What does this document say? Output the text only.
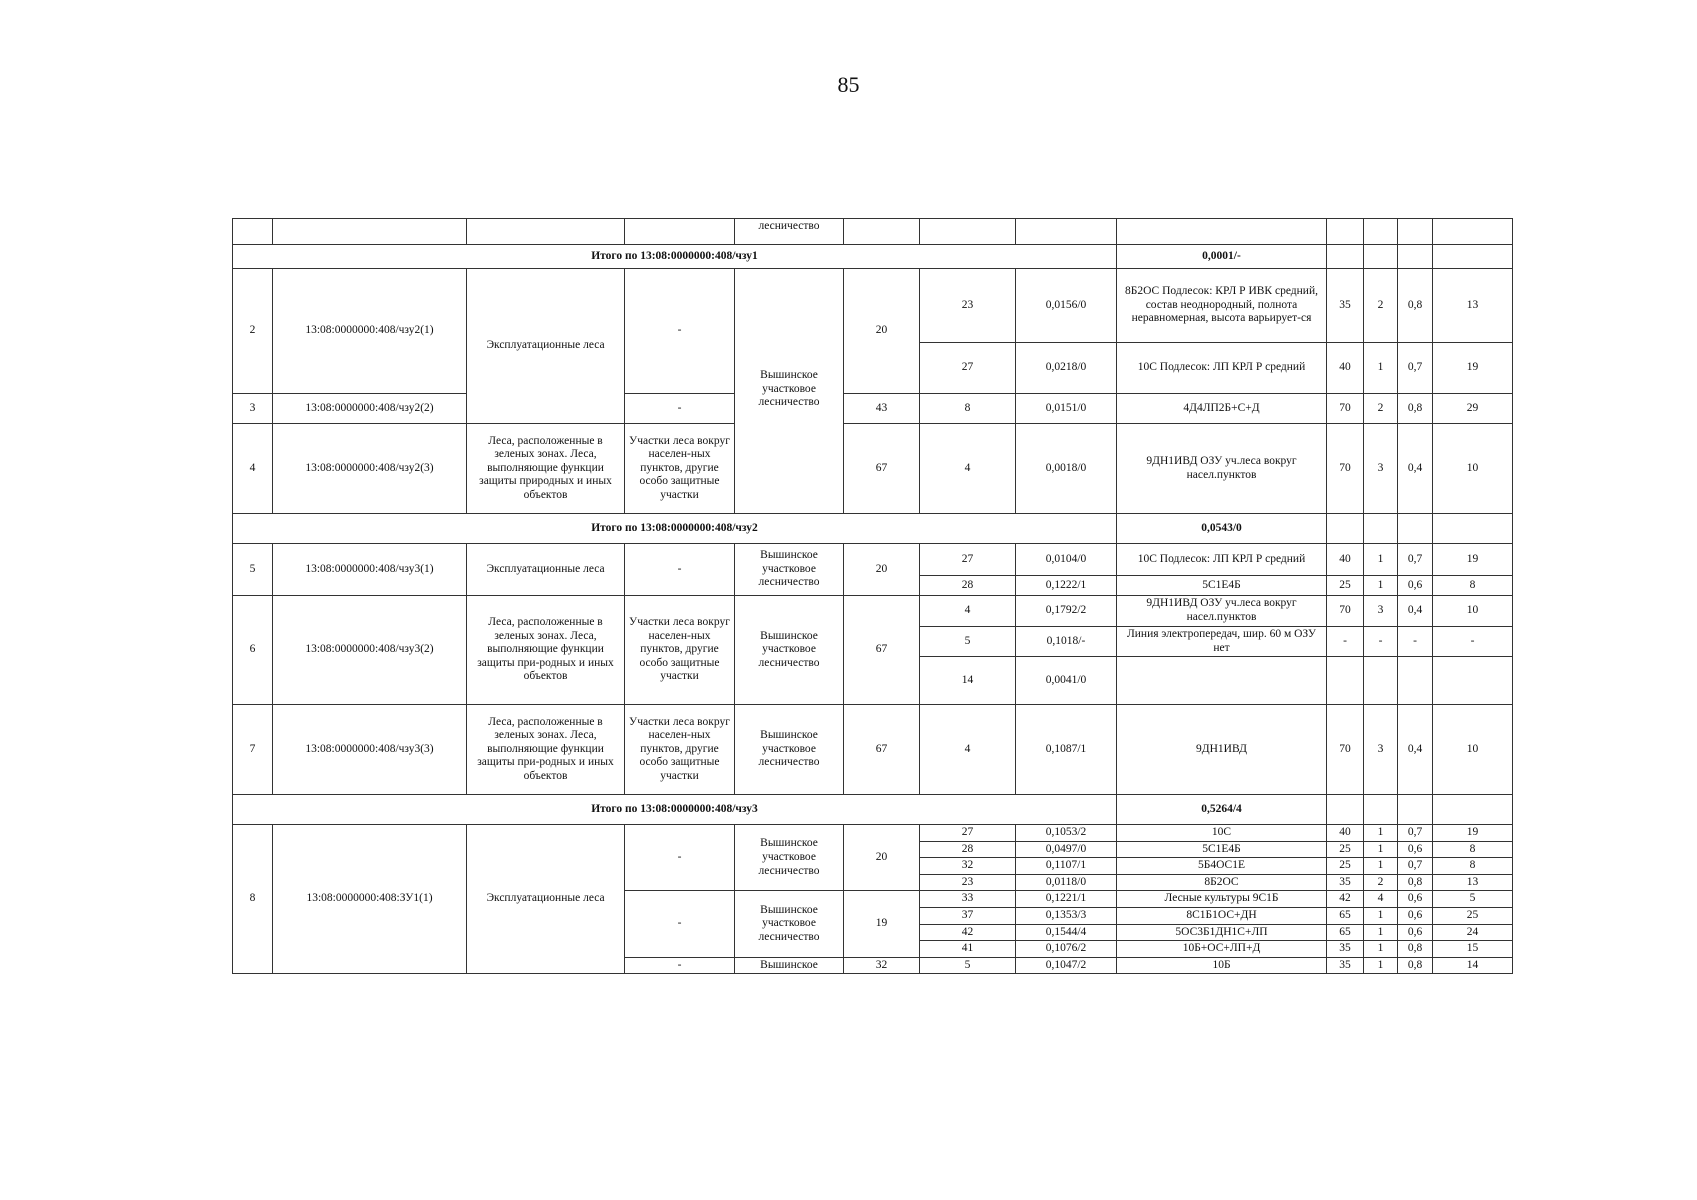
85
				лесничество									
Итого по 13:08:0000000:408/чзу1								0,0001/-					
2	13:08:0000000:408/чзу2(1)	Эксплуатационные леса	-	Вышинское участковое лесничество	20	23	0,0156/0	8Б2ОС Подлесок: КРЛ Р ИВК средний, состав неоднородный, полнота неравномерная, высота варьирует-ся	35	2	0,8	13	
						27	0,0218/0	10С Подлесок: ЛП КРЛ Р средний	40	1	0,7	19	
3	13:08:0000000:408/чзу2(2)		-		43	8	0,0151/0	4Д4ЛП2Б+С+Д	70	2	0,8	29	
4	13:08:0000000:408/чзу2(3)	Леса, расположенные в зеленых зонах. Леса, выполняющие функции защиты природных и иных объектов	Участки леса вокруг населен-ных пунктов, другие особо защитные участки		67	4	0,0018/0	9ДН1ИВД ОЗУ уч.леса вокруг насел.пунктов	70	3	0,4	10	
Итого по 13:08:0000000:408/чзу2								0,0543/0					
5	13:08:0000000:408/чзу3(1)	Эксплуатационные леса	-	Вышинское участковое лесничество	20	27	0,0104/0	10С Подлесок: ЛП КРЛ Р средний	40	1	0,7	19	
						28	0,1222/1	5С1Е4Б	25	1	0,6	8	
6	13:08:0000000:408/чзу3(2)	Леса, расположенные в зеленых зонах. Леса, выполняющие функции защиты при-родных и иных объектов	Участки леса вокруг населен-ных пунктов, другие особо защитные участки	Вышинское участковое лесничество	67	4	0,1792/2	9ДН1ИВД ОЗУ уч.леса вокруг насел.пунктов	70	3	0,4	10	
						5	0,1018/-	Линия электропередач, шир. 60 м ОЗУ нет	-	-	-	-	
						14	0,0041/0						
7	13:08:0000000:408/чзу3(3)	Леса, расположенные в зеленых зонах. Леса, выполняющие функции защиты при-родных и иных объектов	Участки леса вокруг населен-ных пунктов, другие особо защитные участки	Вышинское участковое лесничество	67	4	0,1087/1	9ДН1ИВД	70	3	0,4	10	
Итого по 13:08:0000000:408/чзу3								0,5264/4					
8	13:08:0000000:408:ЗУ1(1)	Эксплуатационные леса	-	Вышинское участковое лесничество	20	27	0,1053/2	10С	40	1	0,7	19	
						28	0,0497/0	5С1Е4Б	25	1	0,6	8	
						32	0,1107/1	5Б4ОС1Е	25	1	0,7	8	
						23	0,0118/0	8Б2ОС	35	2	0,8	13	
			-	Вышинское участковое лесничество	19	33	0,1221/1	Лесные культуры 9С1Б	42	4	0,6	5	
						37	0,1353/3	8С1Б1ОС+ДН	65	1	0,6	25	
						42	0,1544/4	5ОС3Б1ДН1С+ЛП	65	1	0,6	24	
						41	0,1076/2	10Б+ОС+ЛП+Д	35	1	0,8	15	
			-	Вышинское	32	5	0,1047/2	10Б	35	1	0,8	14	
